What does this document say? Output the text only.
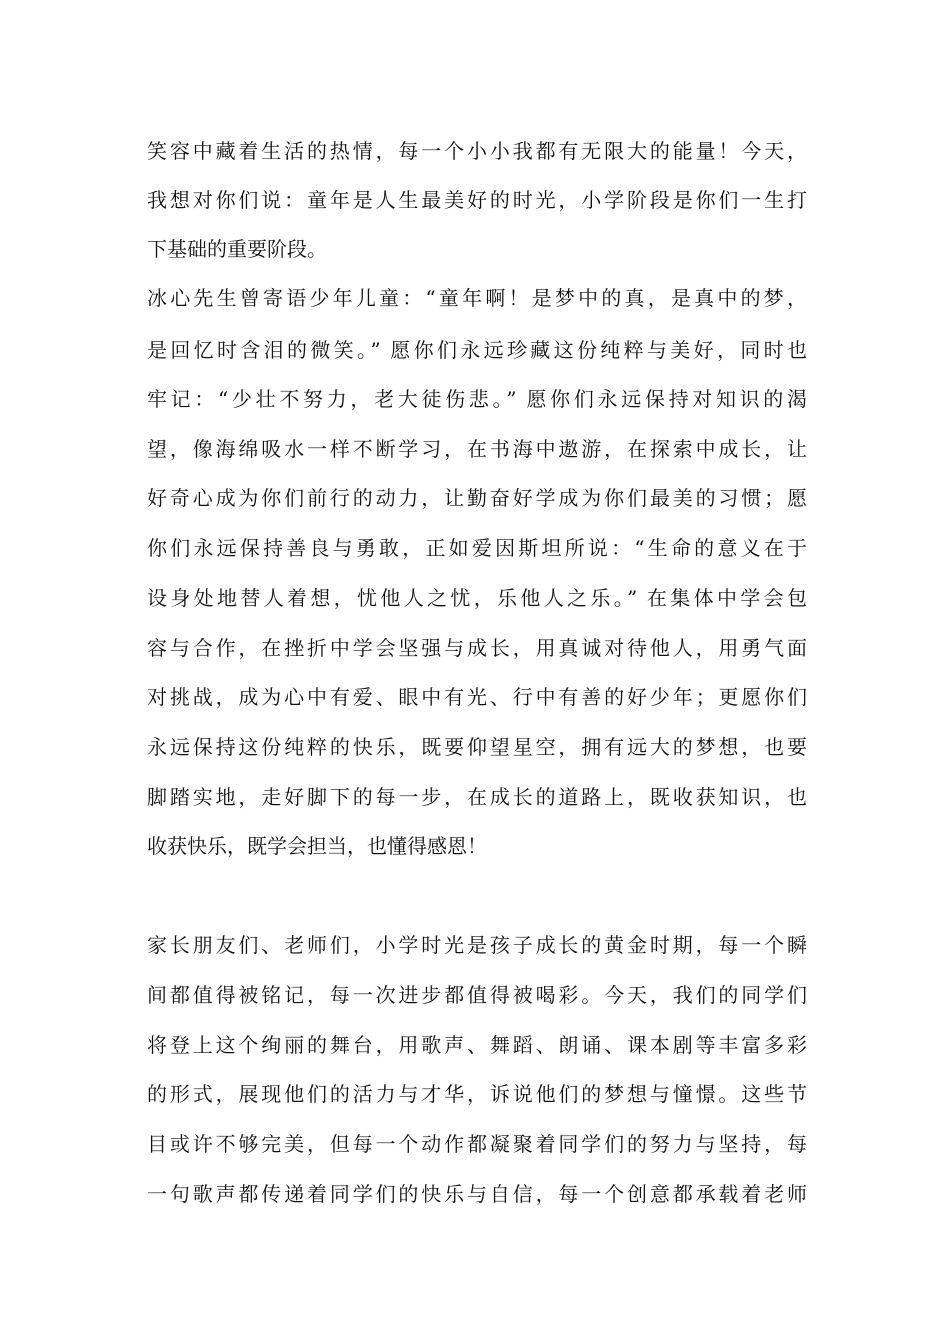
笑容中藏着生活的热情，每一个小小我都有无限大的能量！今天，
我想对你们说：童年是人生最美好的时光，小学阶段是你们一生打
下基础的重要阶段。
冰心先生曾寄语少年儿童：“童年啊！是梦中的真，是真中的梦，
是回忆时含泪的微笑。” 愿你们永远珍藏这份纯粹与美好，同时也
牢记：“少壮不努力，老大徒伤悲。” 愿你们永远保持对知识的渴
望，像海绵吸水一样不断学习，在书海中遨游，在探索中成长，让
好奇心成为你们前行的动力，让勤奋好学成为你们最美的习惯；愿
你们永远保持善良与勇敢，正如爱因斯坦所说：“生命的意义在于
设身处地替人着想，忧他人之忧，乐他人之乐。” 在集体中学会包
容与合作，在挫折中学会坚强与成长，用真诚对待他人，用勇气面
对挑战，成为心中有爱、眼中有光、行中有善的好少年；更愿你们
永远保持这份纯粹的快乐，既要仰望星空，拥有远大的梦想，也要
脚踏实地，走好脚下的每一步，在成长的道路上，既收获知识，也
收获快乐，既学会担当，也懂得感恩！
家长朋友们、老师们，小学时光是孩子成长的黄金时期，每一个瞬
间都值得被铭记，每一次进步都值得被喝彩。今天，我们的同学们
将登上这个绚丽的舞台，用歌声、舞蹈、朗诵、课本剧等丰富多彩
的形式，展现他们的活力与才华，诉说他们的梦想与憧憬。这些节
目或许不够完美，但每一个动作都凝聚着同学们的努力与坚持，每
一句歌声都传递着同学们的快乐与自信，每一个创意都承载着老师
